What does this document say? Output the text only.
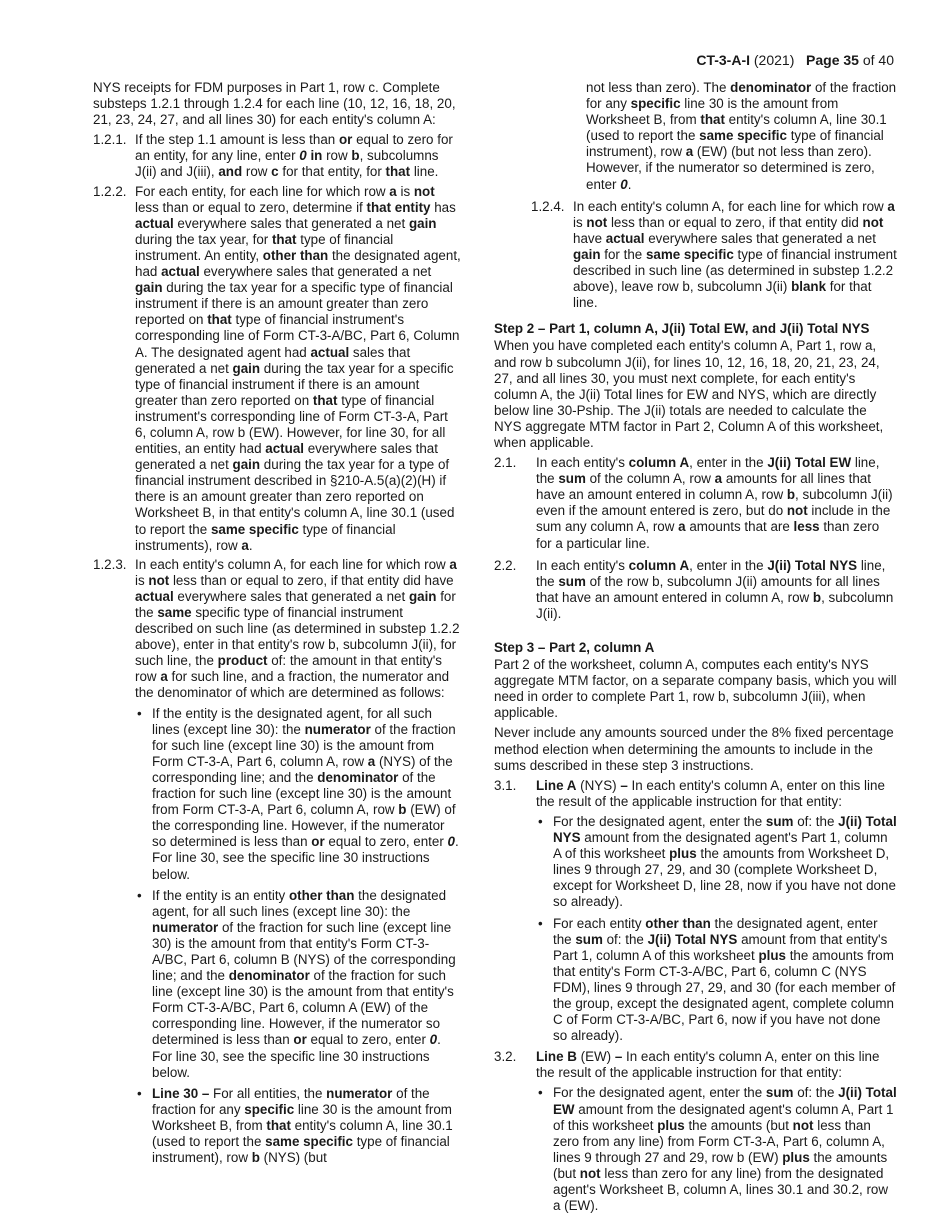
CT-3-A-I (2021) Page 35 of 40

NYS receipts for FDM purposes in Part 1, row c. Complete substeps 1.2.1 through 1.2.4 for each line (10, 12, 16, 18, 20, 21, 23, 24, 27, and all lines 30) for each entity's column A:

1.2.1. If the step 1.1 amount is less than or equal to zero for an entity, for any line, enter 0 in row b, subcolumns J(ii) and J(iii), and row c for that entity, for that line.

1.2.2. For each entity, for each line for which row a is not less than or equal to zero, determine if that entity has actual everywhere sales that generated a net gain during the tax year, for that type of financial instrument. An entity, other than the designated agent, had actual everywhere sales that generated a net gain during the tax year for a specific type of financial instrument if there is an amount greater than zero reported on that type of financial instrument's corresponding line of Form CT-3-A/BC, Part 6, Column A. The designated agent had actual sales that generated a net gain during the tax year for a specific type of financial instrument if there is an amount greater than zero reported on that type of financial instrument's corresponding line of Form CT-3-A, Part 6, column A, row b (EW). However, for line 30, for all entities, an entity had actual everywhere sales that generated a net gain during the tax year for a type of financial instrument described in §210-A.5(a)(2)(H) if there is an amount greater than zero reported on Worksheet B, in that entity's column A, line 30.1 (used to report the same specific type of financial instruments), row a.

1.2.3. In each entity's column A, for each line for which row a is not less than or equal to zero, if that entity did have actual everywhere sales that generated a net gain for the same specific type of financial instrument described on such line (as determined in substep 1.2.2 above), enter in that entity's row b, subcolumn J(ii), for such line, the product of: the amount in that entity's row a for such line, and a fraction, the numerator and the denominator of which are determined as follows:

• If the entity is the designated agent, for all such lines (except line 30): the numerator of the fraction for such line (except line 30) is the amount from Form CT-3-A, Part 6, column A, row a (NYS) of the corresponding line; and the denominator of the fraction for such line (except line 30) is the amount from Form CT-3-A, Part 6, column A, row b (EW) of the corresponding line. However, if the numerator so determined is less than or equal to zero, enter 0. For line 30, see the specific line 30 instructions below.
• If the entity is an entity other than the designated agent, for all such lines (except line 30): the numerator of the fraction for such line (except line 30) is the amount from that entity's Form CT-3-A/BC, Part 6, column B (NYS) of the corresponding line; and the denominator of the fraction for such line (except line 30) is the amount from that entity's Form CT-3-A/BC, Part 6, column A (EW) of the corresponding line. However, if the numerator so determined is less than or equal to zero, enter 0. For line 30, see the specific line 30 instructions below.
• Line 30 – For all entities, the numerator of the fraction for any specific line 30 is the amount from Worksheet B, from that entity's column A, line 30.1 (used to report the same specific type of financial instrument), row b (NYS) (but

not less than zero). The denominator of the fraction for any specific line 30 is the amount from Worksheet B, from that entity's column A, line 30.1 (used to report the same specific type of financial instrument), row a (EW) (but not less than zero). However, if the numerator so determined is zero, enter 0.

1.2.4. In each entity's column A, for each line for which row a is not less than or equal to zero, if that entity did not have actual everywhere sales that generated a net gain for the same specific type of financial instrument described in such line (as determined in substep 1.2.2 above), leave row b, subcolumn J(ii) blank for that line.

Step 2 – Part 1, column A, J(ii) Total EW, and J(ii) Total NYS

When you have completed each entity's column A, Part 1, row a, and row b subcolumn J(ii), for lines 10, 12, 16, 18, 20, 21, 23, 24, 27, and all lines 30, you must next complete, for each entity's column A, the J(ii) Total lines for EW and NYS, which are directly below line 30-Pship. The J(ii) totals are needed to calculate the NYS aggregate MTM factor in Part 2, Column A of this worksheet, when applicable.

2.1. In each entity's column A, enter in the J(ii) Total EW line, the sum of the column A, row a amounts for all lines that have an amount entered in column A, row b, subcolumn J(ii) even if the amount entered is zero, but do not include in the sum any column A, row a amounts that are less than zero for a particular line.

2.2. In each entity's column A, enter in the J(ii) Total NYS line, the sum of the row b, subcolumn J(ii) amounts for all lines that have an amount entered in column A, row b, subcolumn J(ii).

Step 3 – Part 2, column A

Part 2 of the worksheet, column A, computes each entity's NYS aggregate MTM factor, on a separate company basis, which you will need in order to complete Part 1, row b, subcolumn J(iii), when applicable.

Never include any amounts sourced under the 8% fixed percentage method election when determining the amounts to include in the sums described in these step 3 instructions.

3.1. Line A (NYS) – In each entity's column A, enter on this line the result of the applicable instruction for that entity:

• For the designated agent, enter the sum of: the J(ii) Total NYS amount from the designated agent's Part 1, column A of this worksheet plus the amounts from Worksheet D, lines 9 through 27, 29, and 30 (complete Worksheet D, except for Worksheet D, line 28, now if you have not done so already).
• For each entity other than the designated agent, enter the sum of: the J(ii) Total NYS amount from that entity's Part 1, column A of this worksheet plus the amounts from that entity's Form CT-3-A/BC, Part 6, column C (NYS FDM), lines 9 through 27, 29, and 30 (for each member of the group, except the designated agent, complete column C of Form CT-3-A/BC, Part 6, now if you have not done so already).
3.2. Line B (EW) – In each entity's column A, enter on this line the result of the applicable instruction for that entity:

• For the designated agent, enter the sum of: the J(ii) Total EW amount from the designated agent's column A, Part 1 of this worksheet plus the amounts (but not less than zero from any line) from Form CT-3-A, Part 6, column A, lines 9 through 27 and 29, row b (EW) plus the amounts (but not less than zero for any line) from the designated agent's Worksheet B, column A, lines 30.1 and 30.2, row a (EW).
